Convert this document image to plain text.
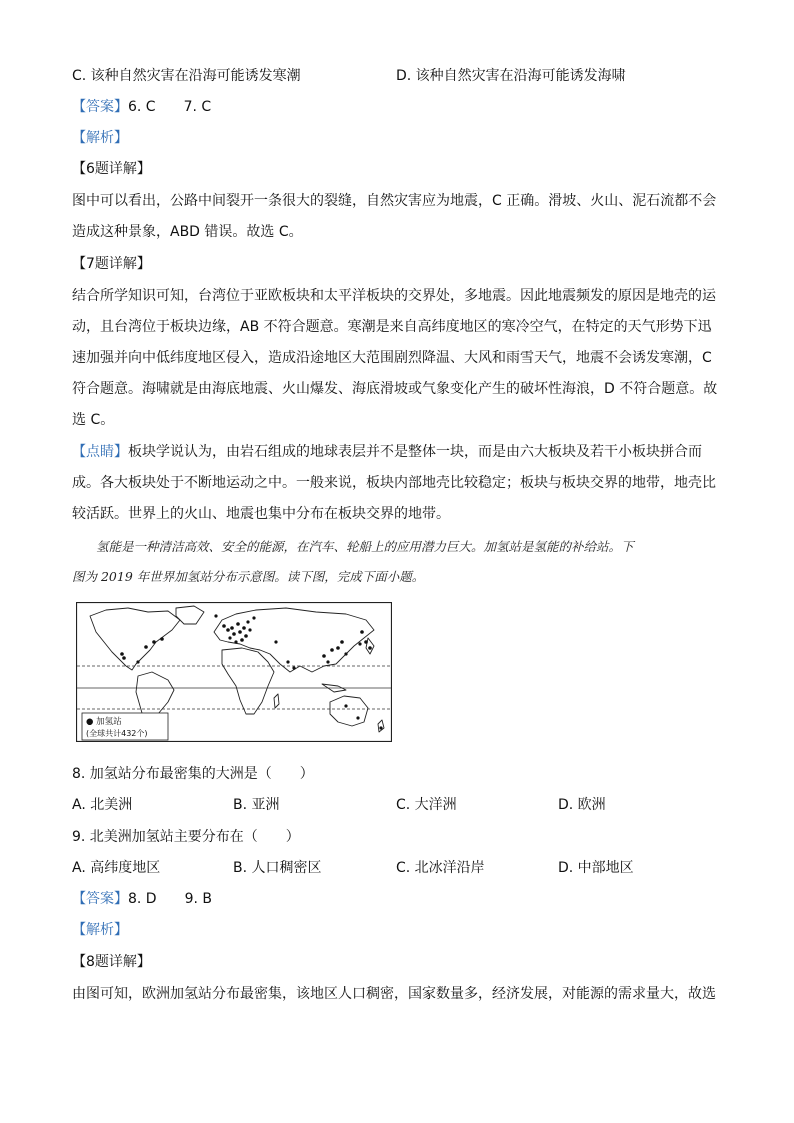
C. 该种自然灾害在沿海可能诱发寒潮	D. 该种自然灾害在沿海可能诱发海啸
【答案】6. C　　7. C
【解析】
【6题详解】
图中可以看出，公路中间裂开一条很大的裂缝，自然灾害应为地震，C 正确。滑坡、火山、泥石流都不会
造成这种景象，ABD 错误。故选 C。
【7题详解】
结合所学知识可知，台湾位于亚欧板块和太平洋板块的交界处，多地震。因此地震频发的原因是地壳的运
动，且台湾位于板块边缘，AB 不符合题意。寒潮是来自高纬度地区的寒冷空气，在特定的天气形势下迅
速加强并向中低纬度地区侵入，造成沿途地区大范围剧烈降温、大风和雨雪天气，地震不会诱发寒潮，C
符合题意。海啸就是由海底地震、火山爆发、海底滑坡或气象变化产生的破坏性海浪，D 不符合题意。故
选 C。
【点睛】板块学说认为，由岩石组成的地球表层并不是整体一块，而是由六大板块及若干小板块拼合而
成。各大板块处于不断地运动之中。一般来说，板块内部地壳比较稳定；板块与板块交界的地带，地壳比
较活跃。世界上的火山、地震也集中分布在板块交界的地带。
氢能是一种清洁高效、安全的能源，在汽车、轮船上的应用潜力巨大。加氢站是氢能的补给站。下
图为 2019 年世界加氢站分布示意图。读下图，完成下面小题。
● 加氢站
(全球共计432个)
8. 加氢站分布最密集的大洲是（　　）
A. 北美洲	B. 亚洲	C. 大洋洲	D. 欧洲
9. 北美洲加氢站主要分布在（　　）
A. 高纬度地区	B. 人口稠密区	C. 北冰洋沿岸	D. 中部地区
【答案】8. D　　9. B
【解析】
【8题详解】
由图可知，欧洲加氢站分布最密集，该地区人口稠密，国家数量多，经济发展，对能源的需求量大，故选
